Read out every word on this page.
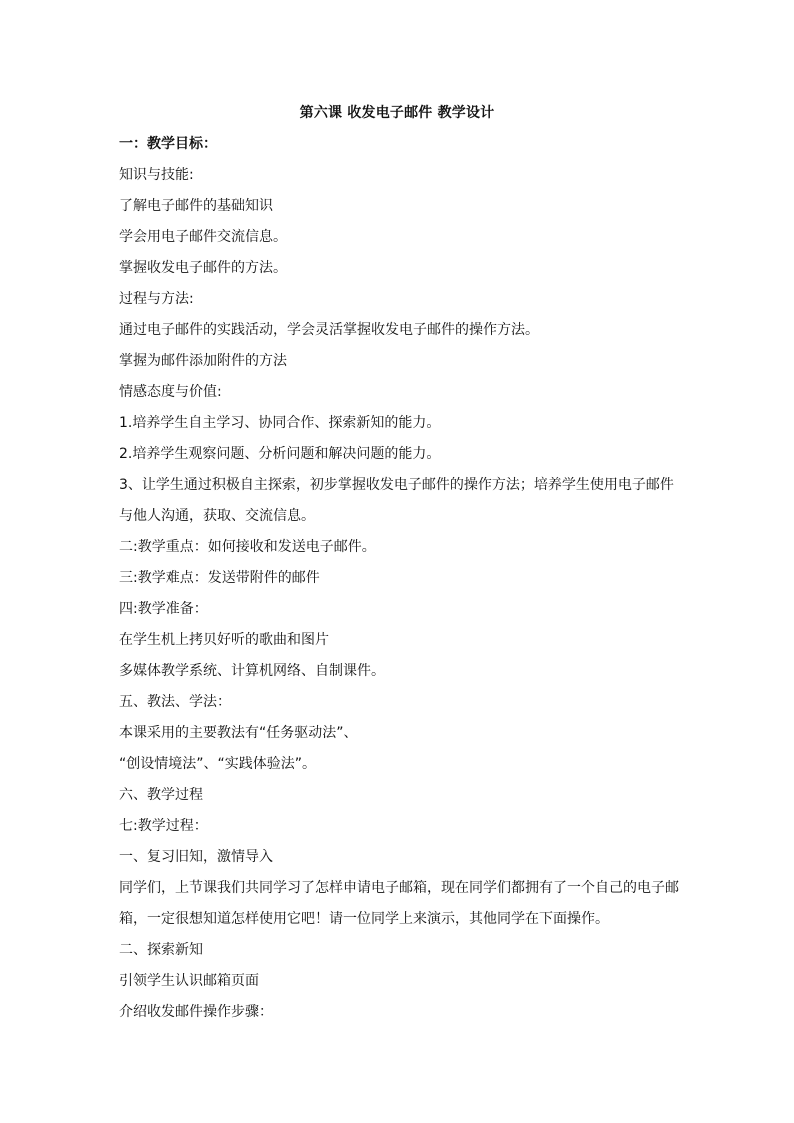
第六课 收发电子邮件 教学设计
一：教学目标：
知识与技能:
了解电子邮件的基础知识
学会用电子邮件交流信息。
掌握收发电子邮件的方法。
过程与方法:
通过电子邮件的实践活动，学会灵活掌握收发电子邮件的操作方法。
掌握为邮件添加附件的方法
情感态度与价值:
1.培养学生自主学习、协同合作、探索新知的能力。
2.培养学生观察问题、分析问题和解决问题的能力。
3、让学生通过积极自主探索，初步掌握收发电子邮件的操作方法；培养学生使用电子邮件
与他人沟通，获取、交流信息。
二:教学重点：如何接收和发送电子邮件。
三:教学难点：发送带附件的邮件
四:教学准备：
在学生机上拷贝好听的歌曲和图片
多媒体教学系统、计算机网络、自制课件。
五、教法、学法：
本课采用的主要教法有“任务驱动法”、
“创设情境法”、“实践体验法”。
六、教学过程
七:教学过程：
一、复习旧知，激情导入
同学们，上节课我们共同学习了怎样申请电子邮箱，现在同学们都拥有了一个自己的电子邮
箱，一定很想知道怎样使用它吧！请一位同学上来演示，其他同学在下面操作。
二、探索新知
引领学生认识邮箱页面
介绍收发邮件操作步骤：
